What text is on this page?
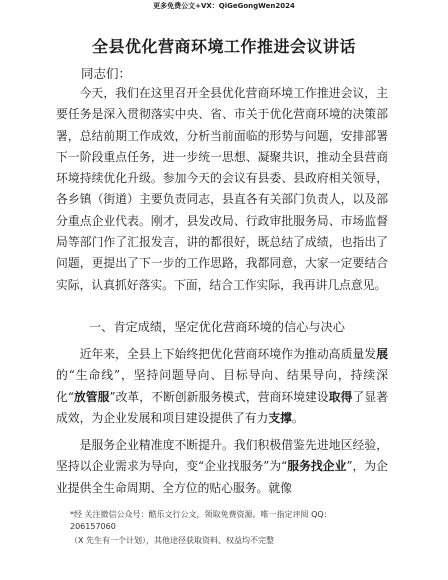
更多免费公文+VX：QiGeGongWen2024
全县优化营商环境工作推进会议讲话
同志们：
今天，我们在这里召开全县优化营商环境工作推进会议，主要任务是深入贯彻落实中央、省、市关于优化营商环境的决策部署，总结前期工作成效，分析当前面临的形势与问题，安排部署下一阶段重点任务，进一步统一思想、凝聚共识，推动全县营商环境持续优化升级。参加今天的会议有县委、县政府相关领导，各乡镇（街道）主要负责同志，县直各有关部门负责人，以及部分重点企业代表。刚才，县发改局、行政审批服务局、市场监督局等部门作了汇报发言，讲的都很好，既总结了成绩，也指出了问题，更提出了下一步的工作思路，我都同意，大家一定要结合实际，认真抓好落实。下面，结合工作实际，我再讲几点意见。
一、肯定成绩，坚定优化营商环境的信心与决心
近年来，全县上下始终把优化营商环境作为推动高质量发展的“生命线”，坚持问题导向、目标导向、结果导向，持续深化“放管服”改革，不断创新服务模式，营商环境建设取得了显著成效，为企业发展和项目建设提供了有力支撑。
是服务企业精准度不断提升。我们积极借鉴先进地区经验，坚持以企业需求为导向，变“企业找服务”为“服务找企业”，为企业提供全生命周期、全方位的贴心服务。就像
*经 关注微信公众号：酷乐文行公文，领取免费资源。唯一指定评阅 QQ：
206157060
（X 先生有一个计划），其他途径获取资料、权益均不完整
